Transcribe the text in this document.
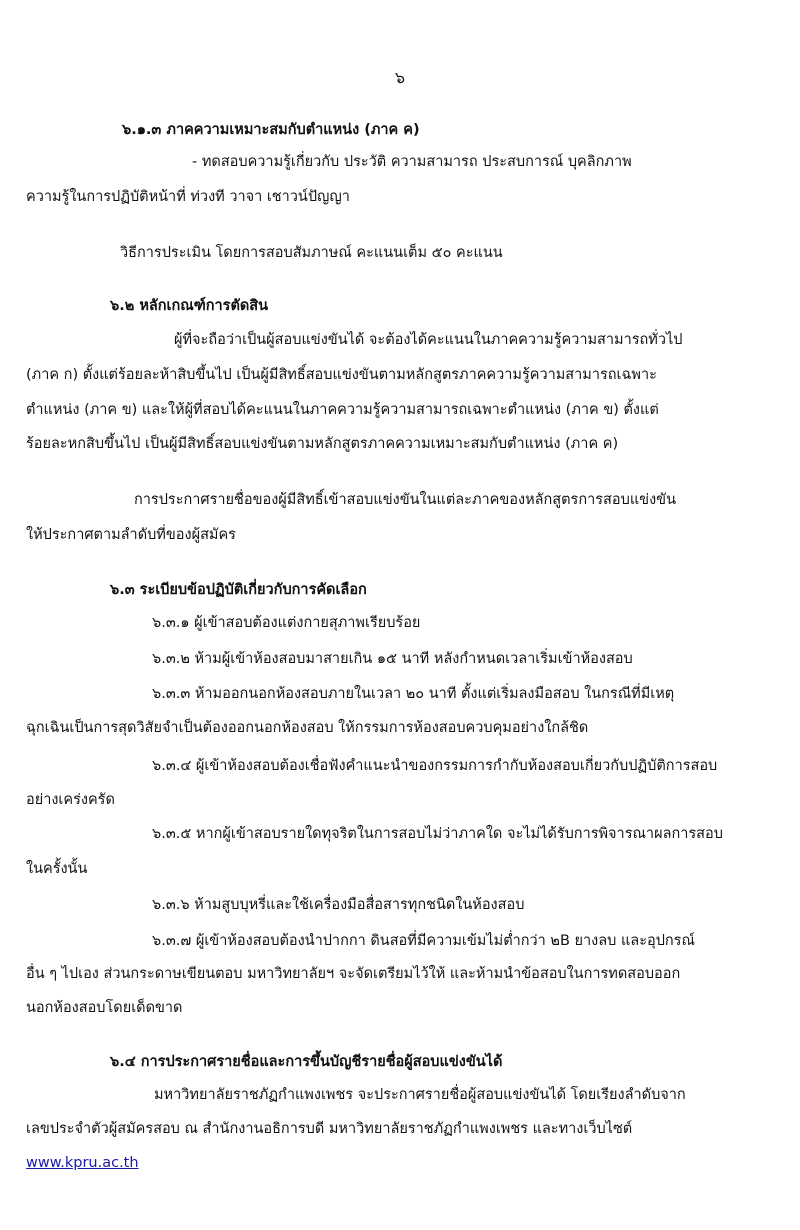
๖
๖.๑.๓ ภาคความเหมาะสมกับตำแหน่ง (ภาค ค)
- ทดสอบความรู้เกี่ยวกับ ประวัติ ความสามารถ ประสบการณ์ บุคลิกภาพ
ความรู้ในการปฏิบัติหน้าที่ ท่วงที วาจา เชาวน์ปัญญา
วิธีการประเมิน โดยการสอบสัมภาษณ์ คะแนนเต็ม ๕๐ คะแนน
๖.๒ หลักเกณฑ์การตัดสิน
ผู้ที่จะถือว่าเป็นผู้สอบแข่งขันได้ จะต้องได้คะแนนในภาคความรู้ความสามารถทั่วไป
(ภาค ก) ตั้งแต่ร้อยละห้าสิบขึ้นไป เป็นผู้มีสิทธิ์สอบแข่งขันตามหลักสูตรภาคความรู้ความสามารถเฉพาะ
ตำแหน่ง (ภาค ข) และให้ผู้ที่สอบได้คะแนนในภาคความรู้ความสามารถเฉพาะตำแหน่ง (ภาค ข) ตั้งแต่
ร้อยละหกสิบขึ้นไป เป็นผู้มีสิทธิ์สอบแข่งขันตามหลักสูตรภาคความเหมาะสมกับตำแหน่ง (ภาค ค)
การประกาศรายชื่อของผู้มีสิทธิ์เข้าสอบแข่งขันในแต่ละภาคของหลักสูตรการสอบแข่งขัน
ให้ประกาศตามลำดับที่ของผู้สมัคร
๖.๓ ระเบียบข้อปฏิบัติเกี่ยวกับการคัดเลือก
๖.๓.๑ ผู้เข้าสอบต้องแต่งกายสุภาพเรียบร้อย
๖.๓.๒ ห้ามผู้เข้าห้องสอบมาสายเกิน ๑๕ นาที หลังกำหนดเวลาเริ่มเข้าห้องสอบ
๖.๓.๓ ห้ามออกนอกห้องสอบภายในเวลา ๒๐ นาที ตั้งแต่เริ่มลงมือสอบ ในกรณีที่มีเหตุ
ฉุกเฉินเป็นการสุดวิสัยจำเป็นต้องออกนอกห้องสอบ ให้กรรมการห้องสอบควบคุมอย่างใกล้ชิด
๖.๓.๔ ผู้เข้าห้องสอบต้องเชื่อฟังคำแนะนำของกรรมการกำกับห้องสอบเกี่ยวกับปฏิบัติการสอบ
อย่างเคร่งครัด
๖.๓.๕ หากผู้เข้าสอบรายใดทุจริตในการสอบไม่ว่าภาคใด จะไม่ได้รับการพิจารณาผลการสอบ
ในครั้งนั้น
๖.๓.๖ ห้ามสูบบุหรี่และใช้เครื่องมือสื่อสารทุกชนิดในห้องสอบ
๖.๓.๗ ผู้เข้าห้องสอบต้องนำปากกา ดินสอที่มีความเข้มไม่ต่ำกว่า ๒B ยางลบ และอุปกรณ์
อื่น ๆ ไปเอง ส่วนกระดาษเขียนตอบ มหาวิทยาลัยฯ จะจัดเตรียมไว้ให้ และห้ามนำข้อสอบในการทดสอบออก
นอกห้องสอบโดยเด็ดขาด
๖.๔ การประกาศรายชื่อและการขึ้นบัญชีรายชื่อผู้สอบแข่งขันได้
มหาวิทยาลัยราชภัฏกำแพงเพชร จะประกาศรายชื่อผู้สอบแข่งขันได้ โดยเรียงลำดับจาก
เลขประจำตัวผู้สมัครสอบ ณ สำนักงานอธิการบดี มหาวิทยาลัยราชภัฏกำแพงเพชร และทางเว็บไซต์
www.kpru.ac.th
